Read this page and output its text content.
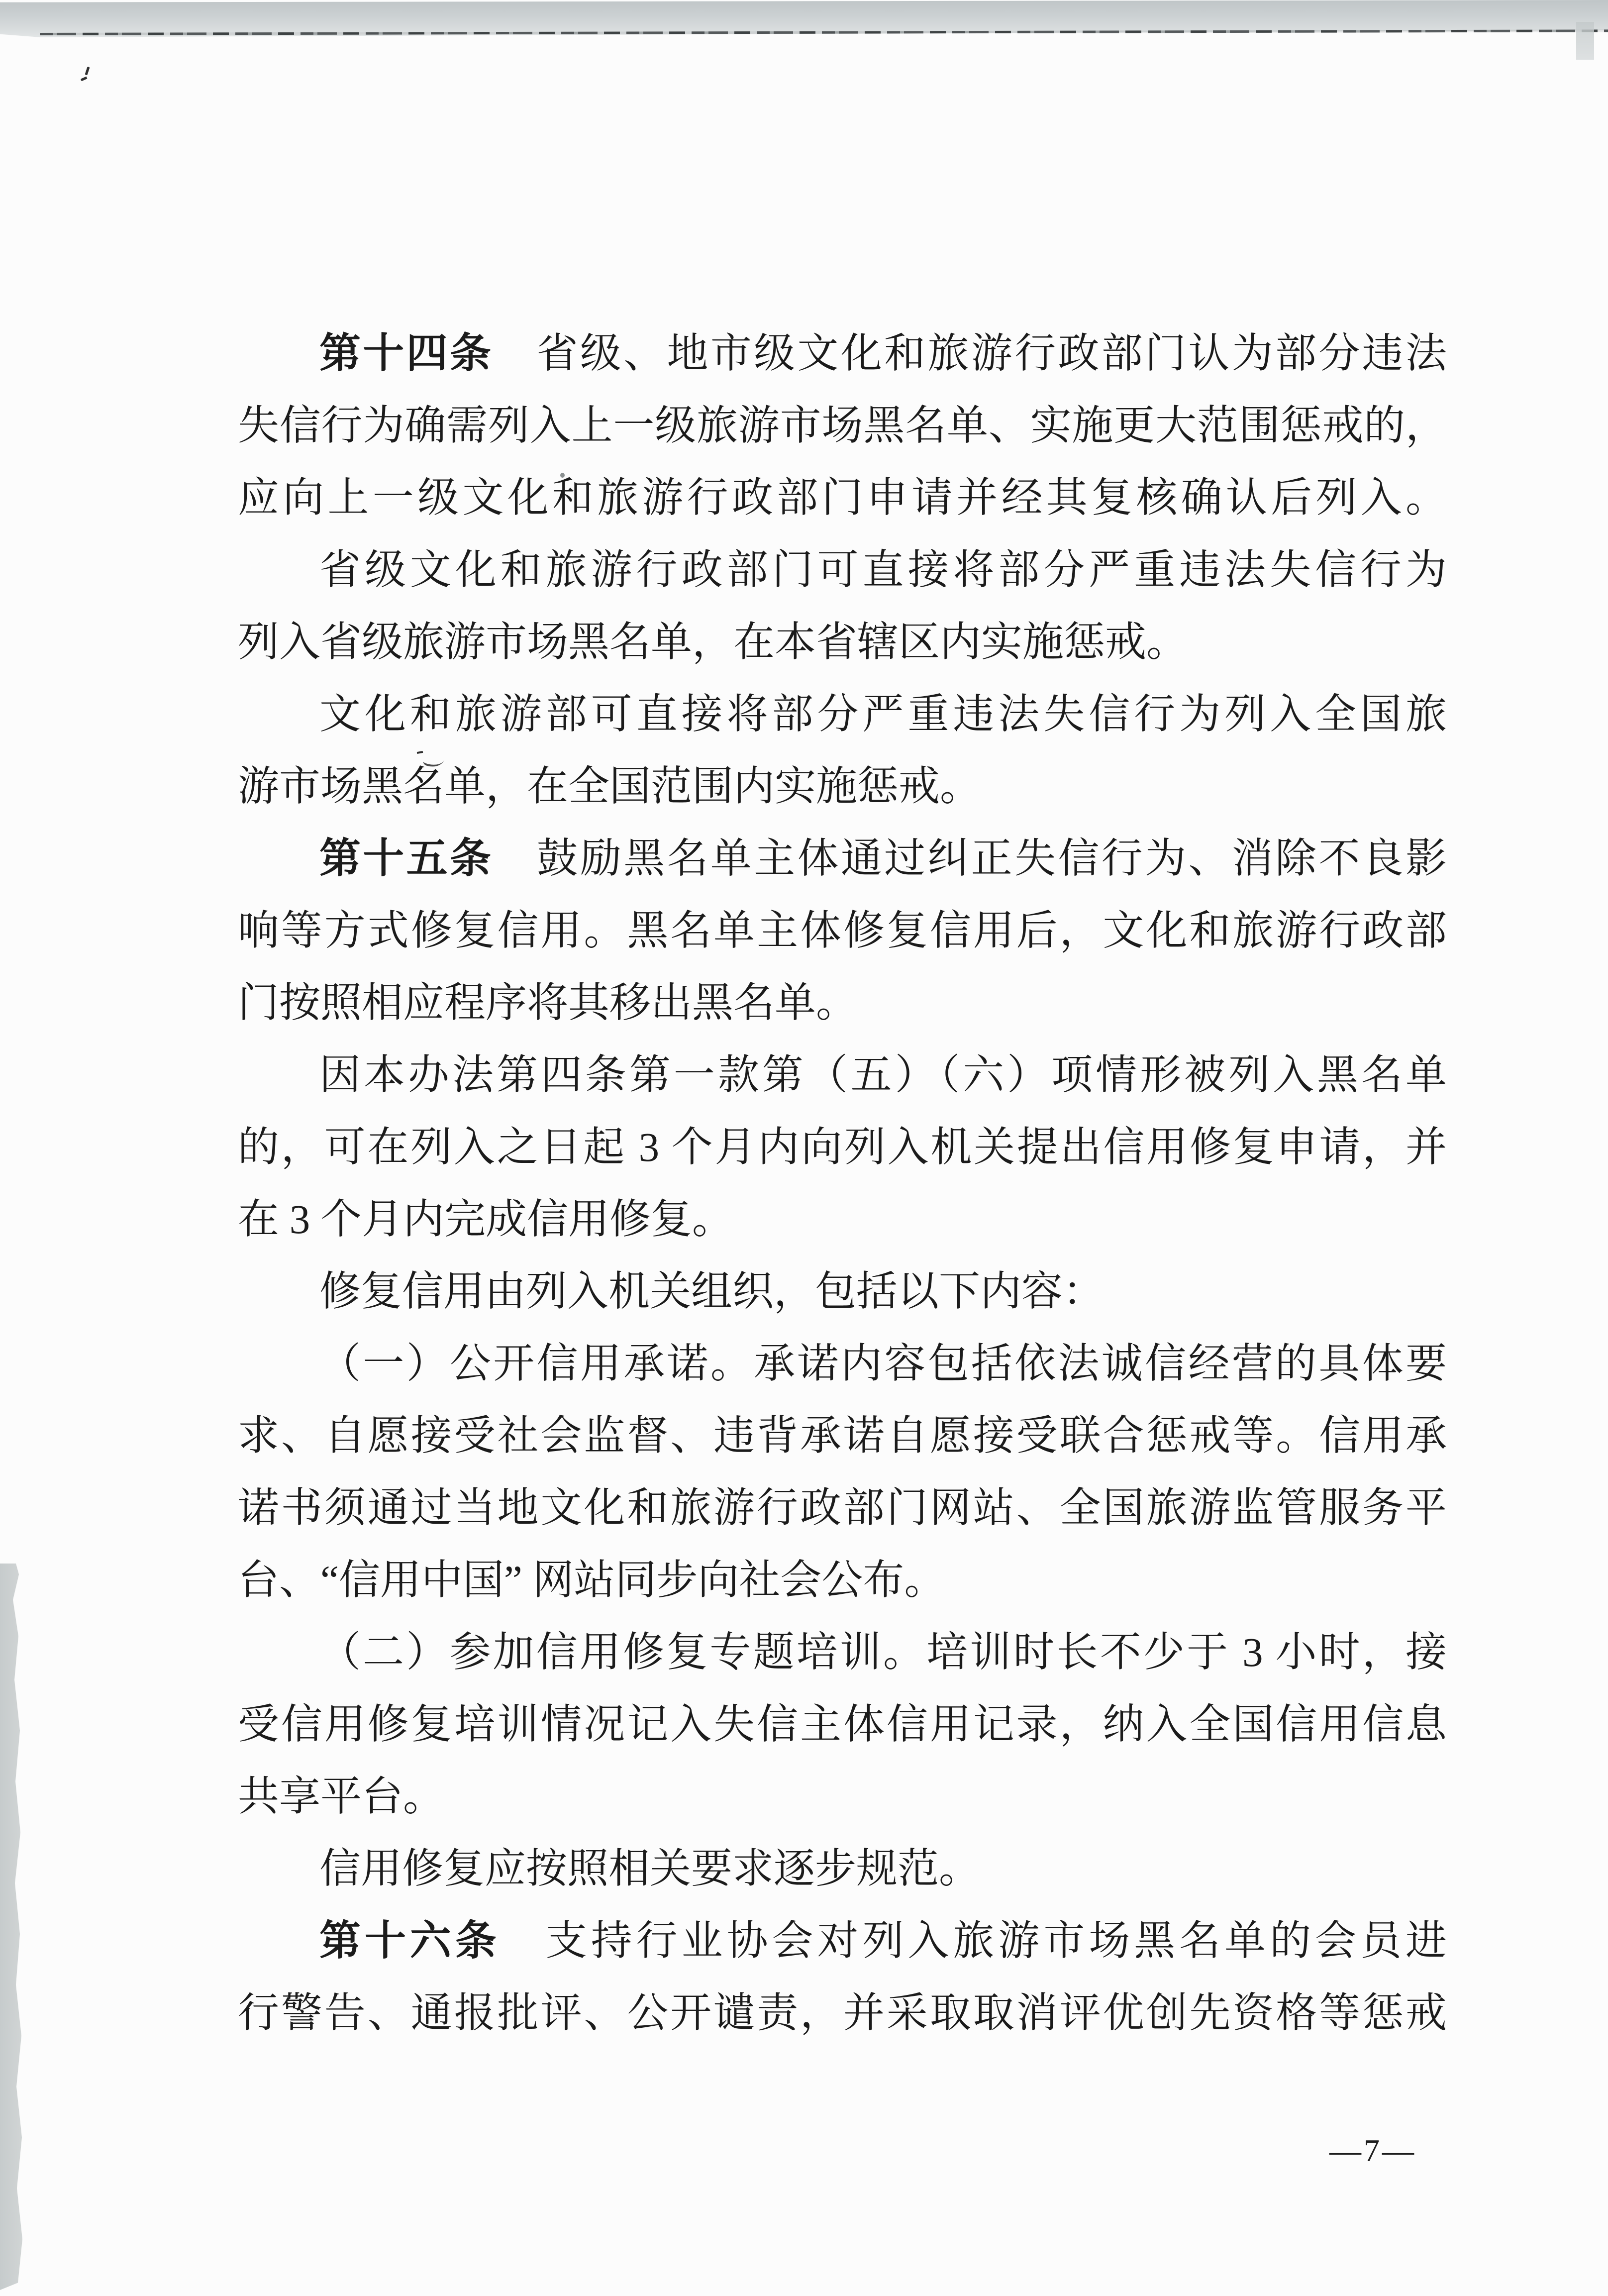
第十四条　省级、地市级文化和旅游行政部门认为部分违法
失信行为确需列入上一级旅游市场黑名单、实施更大范围惩戒的，
应向上一级文化和旅游行政部门申请并经其复核确认后列入。
省级文化和旅游行政部门可直接将部分严重违法失信行为
列入省级旅游市场黑名单，在本省辖区内实施惩戒。
文化和旅游部可直接将部分严重违法失信行为列入全国旅
游市场黑名单，在全国范围内实施惩戒。
第十五条　鼓励黑名单主体通过纠正失信行为、消除不良影
响等方式修复信用。黑名单主体修复信用后，文化和旅游行政部
门按照相应程序将其移出黑名单。
因本办法第四条第一款第（五）（六）项情形被列入黑名单
的，可在列入之日起 3 个月内向列入机关提出信用修复申请，并
在 3 个月内完成信用修复。
修复信用由列入机关组织，包括以下内容：
（一）公开信用承诺。承诺内容包括依法诚信经营的具体要
求、自愿接受社会监督、违背承诺自愿接受联合惩戒等。信用承
诺书须通过当地文化和旅游行政部门网站、全国旅游监管服务平
台、“信用中国” 网站同步向社会公布。
（二）参加信用修复专题培训。培训时长不少于 3 小时，接
受信用修复培训情况记入失信主体信用记录，纳入全国信用信息
共享平台。
信用修复应按照相关要求逐步规范。
第十六条　支持行业协会对列入旅游市场黑名单的会员进
行警告、通报批评、公开谴责，并采取取消评优创先资格等惩戒
—7—
